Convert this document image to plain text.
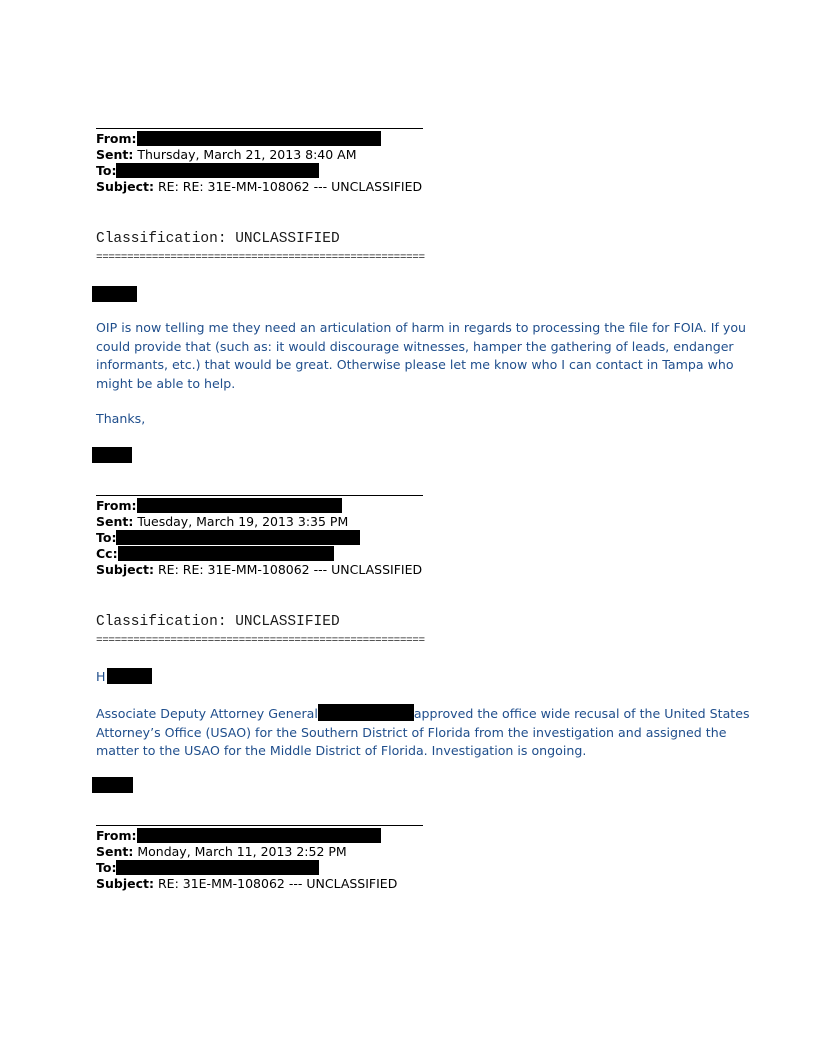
From:
Sent: Thursday, March 21, 2013 8:40 AM
To:
Subject: RE: RE: 31E-MM-108062 --- UNCLASSIFIED
Classification: UNCLASSIFIED
=====================================================
OIP is now telling me they need an articulation of harm in regards to processing the file for FOIA. If you
could provide that (such as: it would discourage witnesses, hamper the gathering of leads, endanger
informants, etc.) that would be great. Otherwise please let me know who I can contact in Tampa who
might be able to help.
Thanks,
From:
Sent: Tuesday, March 19, 2013 3:35 PM
To:
Cc:
Subject: RE: RE: 31E-MM-108062 --- UNCLASSIFIED
Classification: UNCLASSIFIED
=====================================================
H
Associate Deputy Attorney General	approved the office wide recusal of the United States
Attorney’s Office (USAO) for the Southern District of Florida from the investigation and assigned the
matter to the USAO for the Middle District of Florida. Investigation is ongoing.
From:
Sent: Monday, March 11, 2013 2:52 PM
To:
Subject: RE: 31E-MM-108062 --- UNCLASSIFIED
